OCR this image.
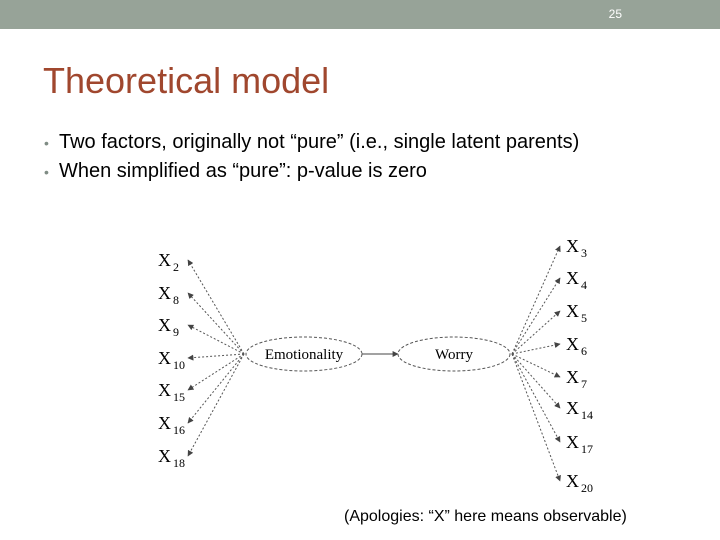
25
Theoretical model
• Two factors, originally not “pure” (i.e., single latent parents)
• When simplified as “pure”: p-value is zero
Emotionality	Worry
X $_2$
X $_8$
X $_9$
X $_{10}$
X $_{15}$
X $_{16}$
X $_{18}$
X $_3$
X $_4$
X $_5$
X $_6$
X $_7$
X $_{14}$
X $_{17}$
X $_{20}$
(Apologies: “X” here means observable)
